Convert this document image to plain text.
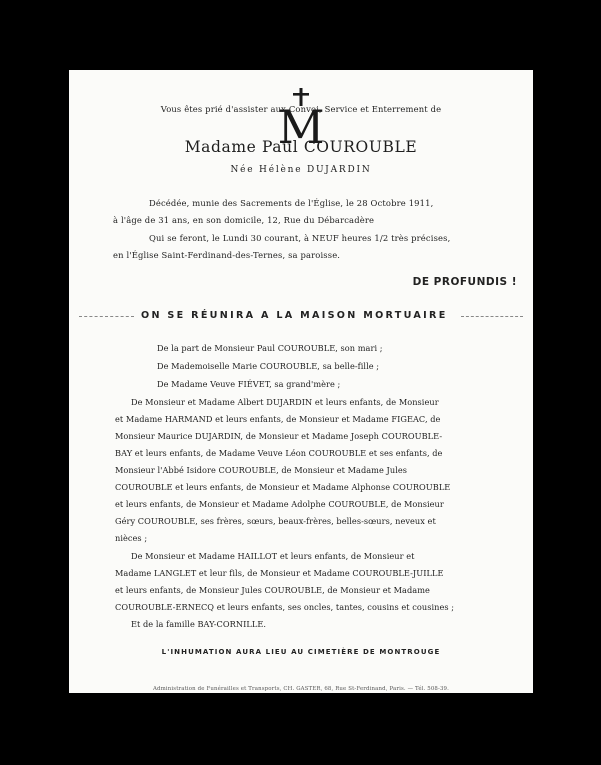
M
Vous êtes prié d'assister aux Convoi, Service et Enterrement de
Madame Paul COUROUBLE
Née Hélène DUJARDIN
Décédée, munie des Sacrements de l'Église, le 28 Octobre 1911,
à l'âge de 31 ans, en son domicile, 12, Rue du Débarcadère
Qui se feront, le Lundi 30 courant, à NEUF heures 1/2 très précises,
en l'Église Saint-Ferdinand-des-Ternes, sa paroisse.
DE PROFUNDIS !
ON SE RÉUNIRA A LA MAISON MORTUAIRE
De la part de Monsieur Paul COUROUBLE, son mari ;
De Mademoiselle Marie COUROUBLE, sa belle-fille ;
De Madame Veuve FIÉVET, sa grand'mère ;
De Monsieur et Madame Albert DUJARDIN et leurs enfants, de Monsieur
et Madame HARMAND et leurs enfants, de Monsieur et Madame FIGEAC, de
Monsieur Maurice DUJARDIN, de Monsieur et Madame Joseph COUROUBLE-
BAY et leurs enfants, de Madame Veuve Léon COUROUBLE et ses enfants, de
Monsieur l'Abbé Isidore COUROUBLE, de Monsieur et Madame Jules
COUROUBLE et leurs enfants, de Monsieur et Madame Alphonse COUROUBLE
et leurs enfants, de Monsieur et Madame Adolphe COUROUBLE, de Monsieur
Géry COUROUBLE, ses frères, sœurs, beaux-frères, belles-sœurs, neveux et
nièces ;
De Monsieur et Madame HAILLOT et leurs enfants, de Monsieur et
Madame LANGLET et leur fils, de Monsieur et Madame COUROUBLE-JUILLE
et leurs enfants, de Monsieur Jules COUROUBLE, de Monsieur et Madame
COUROUBLE-ERNECQ et leurs enfants, ses oncles, tantes, cousins et cousines ;
Et de la famille BAY-CORNILLE.
L'INHUMATION AURA LIEU AU CIMETIÈRE DE MONTROUGE
Administration de Funérailles et Transports, CH. GASTER, 68, Rue St-Ferdinand, Paris. — Tél. 508-39.
